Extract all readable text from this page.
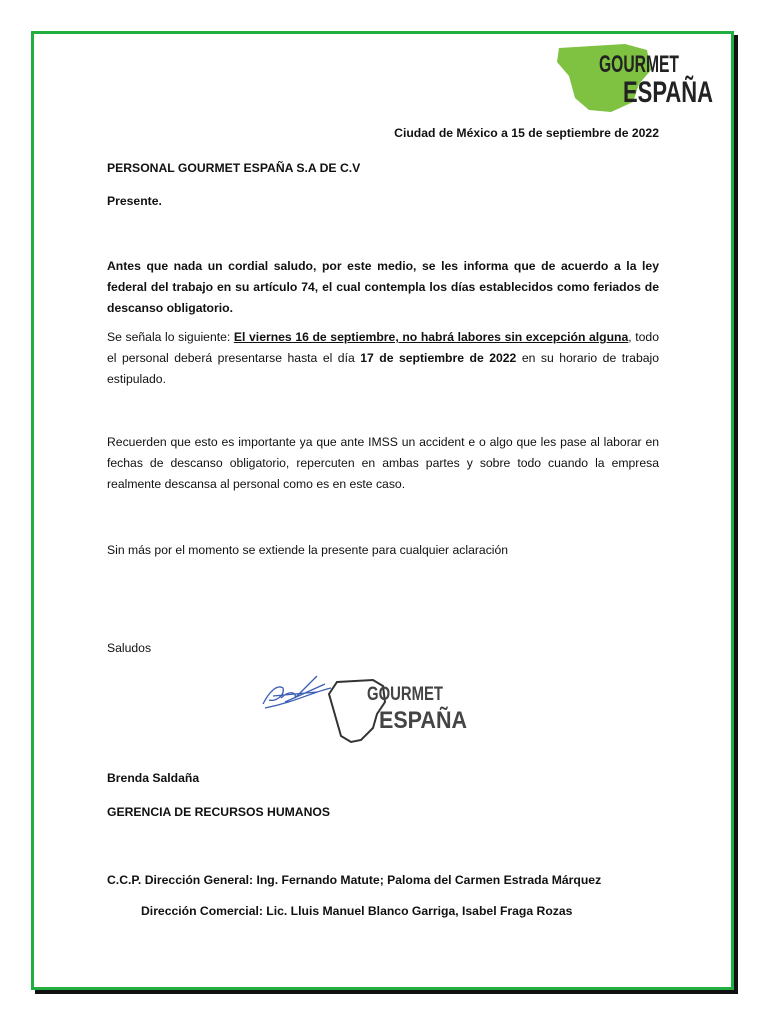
GOURMET
ESPAÑA
Ciudad de México a 15 de septiembre de 2022
PERSONAL GOURMET ESPAÑA S.A DE C.V
Presente.
Antes que nada un cordial saludo, por este medio, se les informa que de acuerdo a la ley federal del trabajo en su artículo 74, el cual contempla los días establecidos como feriados de descanso obligatorio.
Se señala lo siguiente: El viernes 16 de septiembre, no habrá labores sin excepción alguna, todo el personal deberá presentarse hasta el día 17 de septiembre de 2022 en su horario de trabajo estipulado.
Recuerden que esto es importante ya que ante IMSS un accident e o algo que les pase al laborar en fechas de descanso obligatorio, repercuten en ambas partes y sobre todo cuando la empresa realmente descansa al personal como es en este caso.
Sin más por el momento se extiende la presente para cualquier aclaración
Saludos
GOURMET
ESPAÑA
Brenda Saldaña
GERENCIA DE RECURSOS HUMANOS
C.C.P. Dirección General: Ing. Fernando Matute; Paloma del Carmen Estrada Márquez
Dirección Comercial: Lic. Lluis Manuel Blanco Garriga, Isabel Fraga Rozas
